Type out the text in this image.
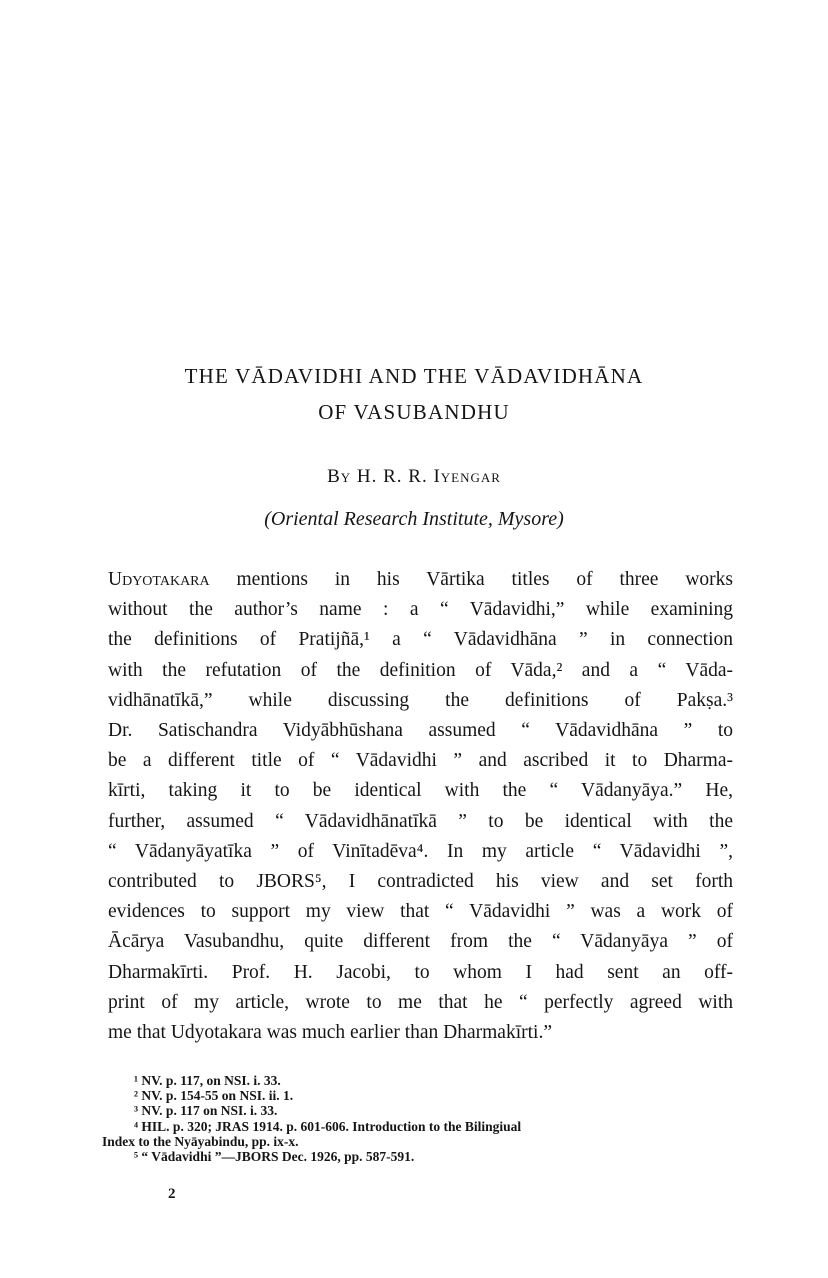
THE VĀDAVIDHI AND THE VĀDAVIDHĀNA
OF VASUBANDHU
By H. R. R. Iyengar
(Oriental Research Institute, Mysore)
Udyotakara mentions in his Vārtika titles of three works
without the author’s name : a “ Vādavidhi,” while examining
the definitions of Pratijñā,¹ a “ Vādavidhāna ” in connection
with the refutation of the definition of Vāda,² and a “ Vāda-
vidhānatīkā,” while discussing the definitions of Pakṣa.³
Dr. Satischandra Vidyābhūshana assumed “ Vādavidhāna ” to
be a different title of “ Vādavidhi ” and ascribed it to Dharma-
kīrti, taking it to be identical with the “ Vādanyāya.” He,
further, assumed “ Vādavidhānatīkā ” to be identical with the
“ Vādanyāyatīka ” of Vinītadēva⁴. In my article “ Vādavidhi ”,
contributed to JBORS⁵, I contradicted his view and set forth
evidences to support my view that “ Vādavidhi ” was a work of
Ācārya Vasubandhu, quite different from the “ Vādanyāya ” of
Dharmakīrti. Prof. H. Jacobi, to whom I had sent an off-
print of my article, wrote to me that he “ perfectly agreed with
me that Udyotakara was much earlier than Dharmakīrti.”
¹ NV. p. 117, on NSI. i. 33.
² NV. p. 154-55 on NSI. ii. 1.
³ NV. p. 117 on NSI. i. 33.
⁴ HIL. p. 320; JRAS 1914. p. 601-606. Introduction to the Bilingiual
Index to the Nyāyabindu, pp. ix-x.
⁵ “ Vādavidhi ”—JBORS Dec. 1926, pp. 587-591.
2
